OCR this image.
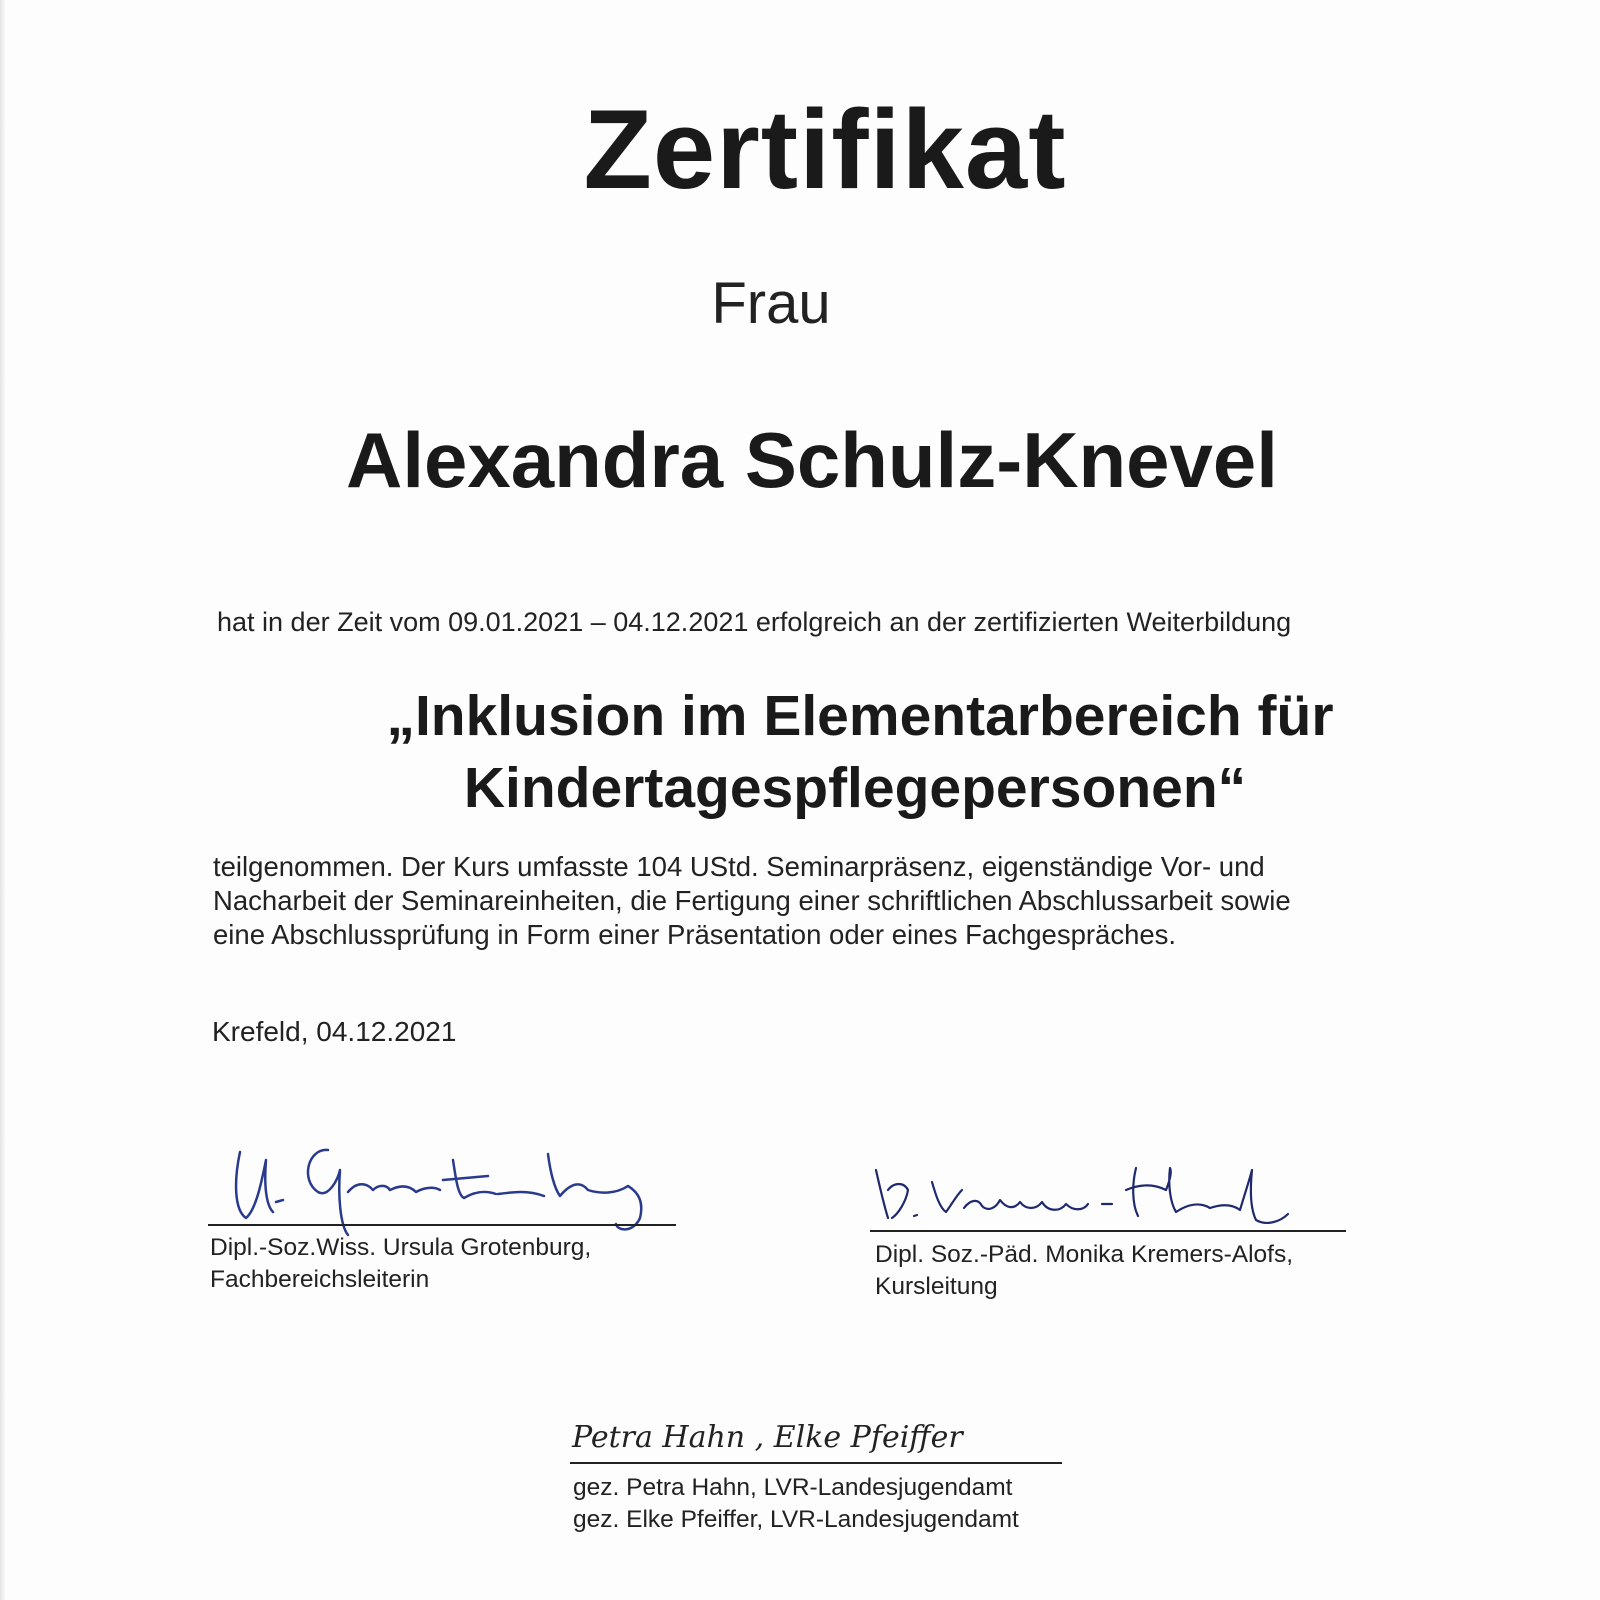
Zertifikat
Frau
Alexandra Schulz-Knevel
hat in der Zeit vom 09.01.2021 – 04.12.2021 erfolgreich an der zertifizierten Weiterbildung
„Inklusion im Elementarbereich für
Kindertagespflegepersonen“
teilgenommen. Der Kurs umfasste 104 UStd. Seminarpräsenz, eigenständige Vor- und
Nacharbeit der Seminareinheiten, die Fertigung einer schriftlichen Abschlussarbeit sowie
eine Abschlussprüfung in Form einer Präsentation oder eines Fachgespräches.
Krefeld, 04.12.2021
Dipl.-Soz.Wiss. Ursula Grotenburg,
Fachbereichsleiterin
Dipl. Soz.-Päd. Monika Kremers-Alofs,
Kursleitung
Petra Hahn , Elke Pfeiffer
gez. Petra Hahn, LVR-Landesjugendamt
gez. Elke Pfeiffer, LVR-Landesjugendamt
